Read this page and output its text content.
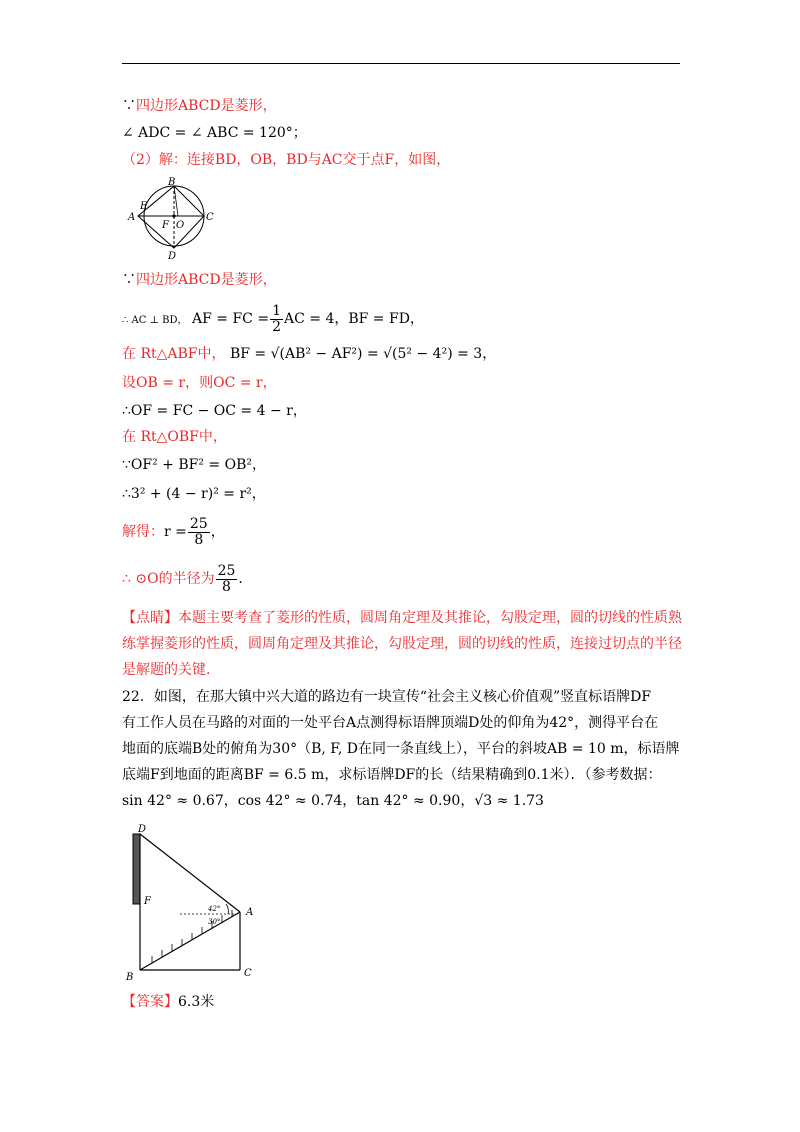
∵四边形ABCD是菱形，
∠ ADC = ∠ ABC = 120°；
（2）解：连接BD，OB，BD与AC交于点F，如图，
B
A	C
D
E
F O
∵四边形ABCD是菱形，
∴ AC ⊥ BD， AF = FC = $\frac{1}{2}$ AC = 4，BF = FD，
在 Rt△ABF中， BF = √(AB² − AF²) = √(5² − 4²) = 3，
设OB = r，则OC = r，
∴OF = FC − OC = 4 − r，
在 Rt△OBF中，
∵OF² + BF² = OB²，
∴3² + (4 − r)² = r²，
解得：$r = \frac{25}{8}$ ，
∴ ⊙O的半径为 $\frac{25}{8}$ .
【点睛】本题主要考查了菱形的性质，圆周角定理及其推论，勾股定理，圆的切线的性质熟练掌握菱形的性质，圆周角定理及其推论，勾股定理，圆的切线的性质，连接过切点的半径是解题的关键.
22．如图，在那大镇中兴大道的路边有一块宣传“社会主义核心价值观”竖直标语牌DF
有工作人员在马路的对面的一处平台A点测得标语牌顶端D处的仰角为42°，测得平台在
地面的底端B处的俯角为30°（B, F, D在同一条直线上），平台的斜坡AB = 10 m，标语牌
底端F到地面的距离BF = 6.5 m，求标语牌DF的长（结果精确到0.1米）．（参考数据：
sin 42° ≈ 0.67，cos 42° ≈ 0.74，tan 42° ≈ 0.90，√3 ≈ 1.73
D
F
A
B	C
42°
30°
【答案】6.3米
